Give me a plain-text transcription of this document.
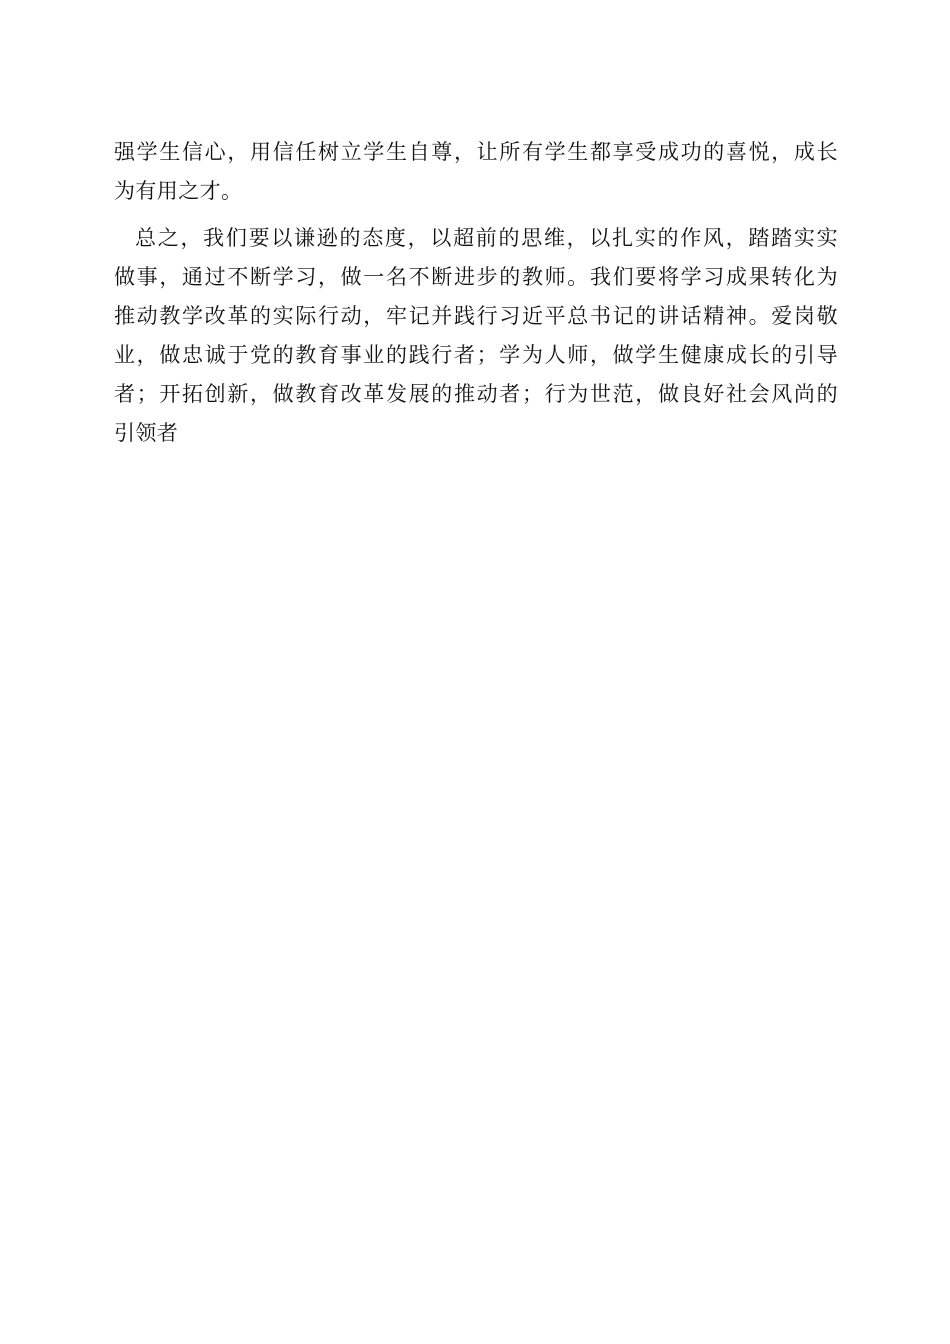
强学生信心，用信任树立学生自尊，让所有学生都享受成功的喜悦，成长
为有用之才。
总之，我们要以谦逊的态度，以超前的思维，以扎实的作风，踏踏实实
做事，通过不断学习，做一名不断进步的教师。我们要将学习成果转化为
推动教学改革的实际行动，牢记并践行习近平总书记的讲话精神。爱岗敬
业，做忠诚于党的教育事业的践行者；学为人师，做学生健康成长的引导
者；开拓创新，做教育改革发展的推动者；行为世范，做良好社会风尚的
引领者
